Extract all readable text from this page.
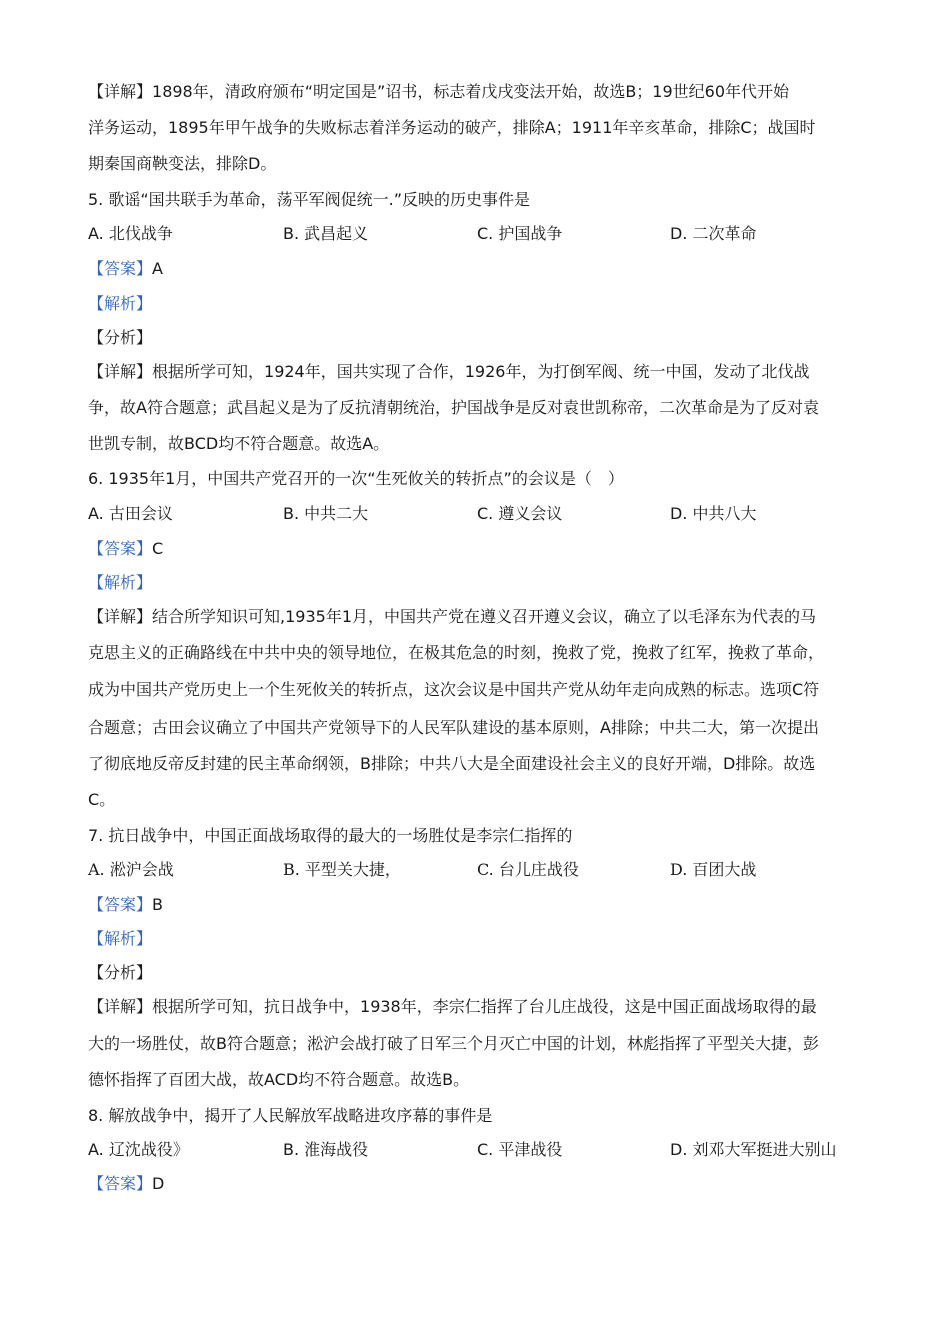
【详解】1898年，清政府颁布“明定国是”诏书，标志着戊戌变法开始，故选B；19世纪60年代开始
洋务运动，1895年甲午战争的失败标志着洋务运动的破产，排除A；1911年辛亥革命，排除C；战国时
期秦国商鞅变法，排除D。
5. 歌谣“国共联手为革命，荡平军阀促统一.”反映的历史事件是
A. 北伐战争	B. 武昌起义	C. 护国战争	D. 二次革命
【答案】A
【解析】
【分析】
【详解】根据所学可知，1924年，国共实现了合作，1926年，为打倒军阀、统一中国，发动了北伐战
争，故A符合题意；武昌起义是为了反抗清朝统治，护国战争是反对袁世凯称帝，二次革命是为了反对袁
世凯专制，故BCD均不符合题意。故选A。
6. 1935年1月，中国共产党召开的一次“生死攸关的转折点”的会议是（　）
A. 古田会议	B. 中共二大	C. 遵义会议	D. 中共八大
【答案】C
【解析】
【详解】结合所学知识可知,1935年1月，中国共产党在遵义召开遵义会议，确立了以毛泽东为代表的马
克思主义的正确路线在中共中央的领导地位，在极其危急的时刻，挽救了党，挽救了红军，挽救了革命，
成为中国共产党历史上一个生死攸关的转折点，这次会议是中国共产党从幼年走向成熟的标志。选项C符
合题意；古田会议确立了中国共产党领导下的人民军队建设的基本原则，A排除；中共二大，第一次提出
了彻底地反帝反封建的民主革命纲领，B排除；中共八大是全面建设社会主义的良好开端，D排除。故选
C。
7. 抗日战争中，中国正面战场取得的最大的一场胜仗是李宗仁指挥的
A. 淞沪会战	B. 平型关大捷，	C. 台儿庄战役	D. 百团大战
【答案】B
【解析】
【分析】
【详解】根据所学可知，抗日战争中，1938年，李宗仁指挥了台儿庄战役，这是中国正面战场取得的最
大的一场胜仗，故B符合题意；淞沪会战打破了日军三个月灭亡中国的计划，林彪指挥了平型关大捷，彭
德怀指挥了百团大战，故ACD均不符合题意。故选B。
8. 解放战争中，揭开了人民解放军战略进攻序幕的事件是
A. 辽沈战役》	B. 淮海战役	C. 平津战役	D. 刘邓大军挺进大别山
【答案】D
